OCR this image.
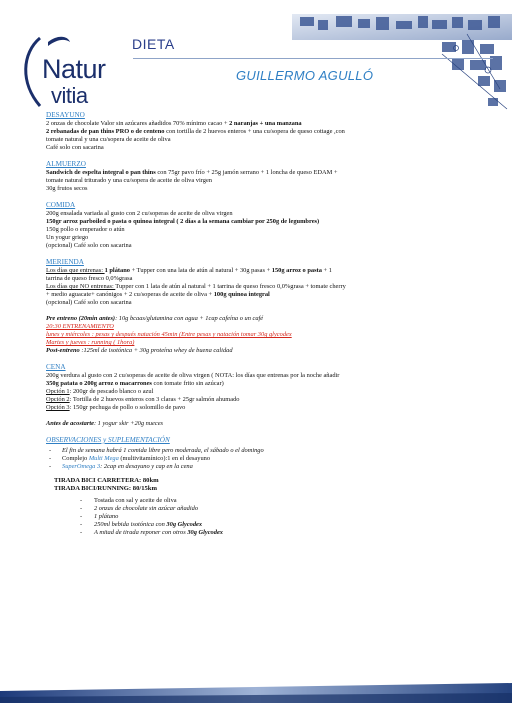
Natur
vitia
DIETA
GUILLERMO AGULLÓ
DESAYUNO
2 onzas de chocolate Valor sin azúcares añadidos 70% mínimo cacao + 2 naranjas + una manzana
2 rebanadas de pan thins PRO o de centeno con tortilla de 2 huevos enteros + una cu/sopera de queso cottage ,con
tomate natural y una cu/sopera de aceite de oliva
Café solo con sacarina
ALMUERZO
Sandwich de espelta integral o pan thins con 75gr pavo frío + 25g jamón serrano + 1 loncha de queso EDAM +
tomate natural triturado y una cu/sopera de aceite de oliva virgen
30g frutos secos
COMIDA
200g ensalada variada al gusto con 2 cu/soperas de aceite de oliva virgen
150gr arroz parboiled o pasta o quinoa integral ( 2 días a la semana cambiar por 250g de legumbres)
150g pollo o emperador o atún
Un yogur griego
(opcional) Café solo con sacarina
MERIENDA
Los días que entrenas: 1 plátano + Tupper con una lata de atún al natural + 30g pasas + 150g arroz o pasta + 1
tarrina de queso fresco 0,0%grasa
Los días que NO entrenas: Tupper con 1 lata de atún al natural + 1 tarrina de queso fresco 0,0%grasa + tomate cherry
+ medio aguacate+ canónigos + 2 cu/soperas de aceite de oliva + 100g quinoa integral
(opcional) Café solo con sacarina
Pre entreno (20min antes): 10g bcaas/glutamina con agua + 1cap cafeína o un café
20:30 ENTRENAMIENTO
lunes y miércoles : pesas y después natación 45min (Entre pesas y natación tomar 30g glycodex
Martes y jueves : running ( 1hora)
Post-entreno :125ml de isotónica + 30g proteína whey de buena calidad
CENA
200g verdura al gusto con 2 cu/soperas de aceite de oliva virgen ( NOTA: los días que entrenas por la noche añadir
350g patata o 200g arroz o macarrones con tomate frito sin azúcar)
Opción 1: 200gr de pescado blanco o azul
Opción 2: Tortilla de 2 huevos enteros con 3 claras + 25gr salmón ahumado
Opción 3: 150gr pechuga de pollo o solomillo de pavo
Antes de acostarte: 1 yogur skir +20g nueces
OBSERVACIONES y SUPLEMENTACIÓN
- El fin de semana habrá 1 comida libre pero moderada, el sábado o el domingo
- Complejo Multi Mega (multivitamínico):1 en el desayuno
- SuperOmega 3: 2cap en desayuno y cap en la cena
TIRADA BICI CARRETERA: 80km
TIRADA BICI/RUNNING: 80/15km
- Tostada con sal y aceite de oliva
- 2 onzas de chocolate sin azúcar añadido
- 1 plátano
- 250ml bebida isotónica con 30g Glycodex
- A mitad de tirada reponer con otros 30g Glycodex
